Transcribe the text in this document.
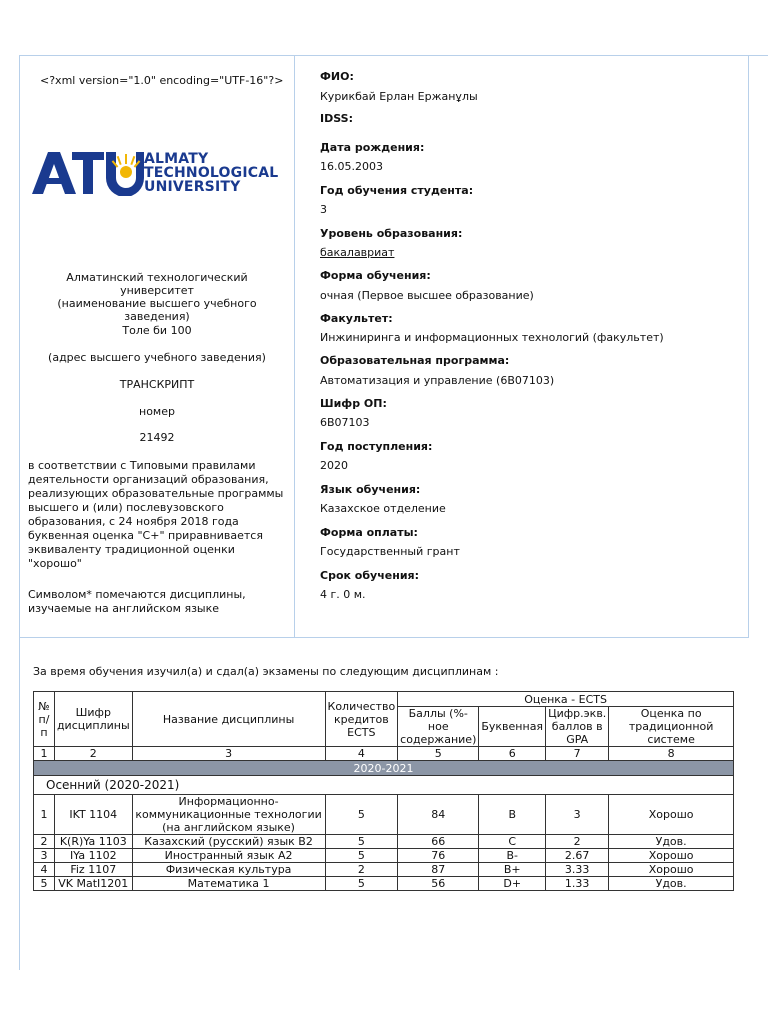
<?xml version="1.0" encoding="UTF-16"?>
ALMATY
TECHNOLOGICAL
UNIVERSITY
Алматинский технологический университет
(наименование высшего учебного заведения)
Толе би 100
(адрес высшего учебного заведения)
ТРАНСКРИПТ
номер
21492
в соответствии с Типовыми правилами деятельности организаций образования, реализующих образовательные программы высшего и (или) послевузовского образования, с 24 ноября 2018 года буквенная оценка "С+" приравнивается эквиваленту традиционной оценки "хорошо"
Символом* помечаются дисциплины, изучаемые на английском языке
ФИО:
Курикбай Ерлан Ержанұлы
IDSS:
Дата рождения:
16.05.2003
Год обучения студента:
3
Уровень образования:
бакалавриат
Форма обучения:
очная (Первое высшее образование)
Факультет:
Инжиниринга и информационных технологий (факультет)
Образовательная программа:
Автоматизация и управление (6В07103)
Шифр ОП:
6В07103
Год поступления:
2020
Язык обучения:
Казахское отделение
Форма оплаты:
Государственный грант
Срок обучения:
4 г. 0 м.
За время обучения изучил(а) и сдал(а) экзамены по следующим дисциплинам :
№ п/п	Шифр дисциплины	Название дисциплины	Количество кредитов ECTS	Оценка - ECTS			
				Баллы (%-ное содержание)	Буквенная	Цифр.экв. баллов в GPA	Оценка по традиционной системе
1	2	3	4	5	6	7	8
2020-2021							
Осенний (2020-2021)							
1	IKT 1104	Информационно-коммуникационные технологии (на английском языке)	5	84	B	3	Хорошо
2	K(R)Ya 1103	Казахский (русский) язык В2	5	66	C	2	Удов.
3	IYa 1102	Иностранный язык А2	5	76	B-	2.67	Хорошо
4	Fiz 1107	Физическая культура	2	87	B+	3.33	Хорошо
5	VK MatI1201	Математика 1	5	56	D+	1.33	Удов.
